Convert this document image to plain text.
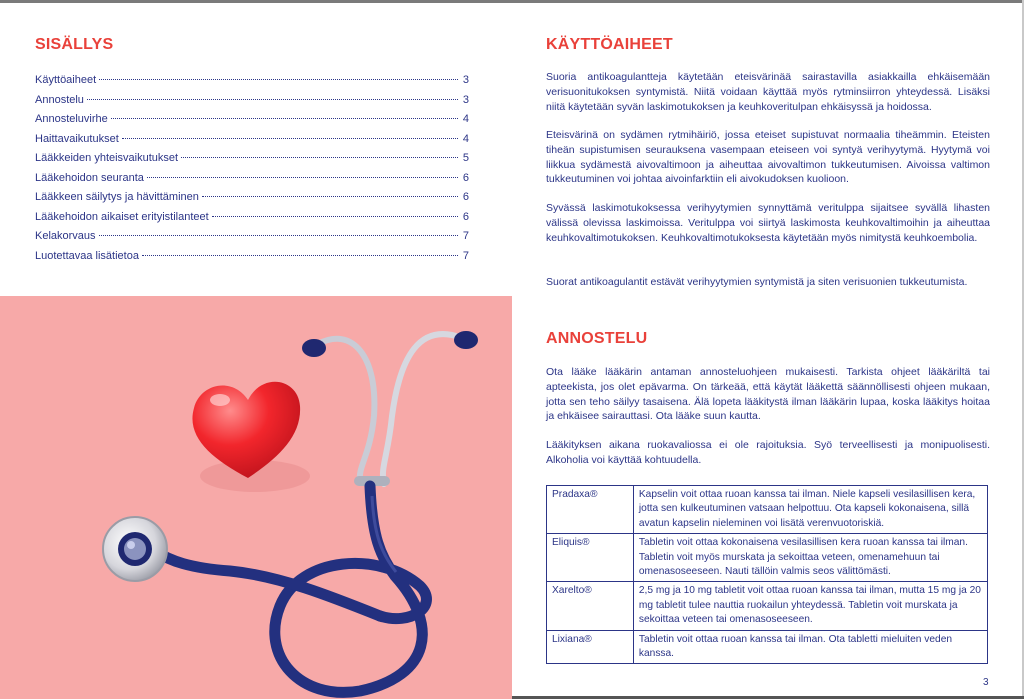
SISÄLLYS
Käyttöaiheet	3
Annostelu	3
Annosteluvirhe	4
Haittavaikutukset	4
Lääkkeiden yhteisvaikutukset	5
Lääkehoidon seuranta	6
Lääkkeen säilytys ja hävittäminen	6
Lääkehoidon aikaiset erityistilanteet	6
Kelakorvaus	7
Luotettavaa lisätietoa	7
KÄYTTÖAIHEET

Suoria antikoagulantteja käytetään eteisvärinää sairastavilla asiakkailla ehkäisemään verisuonitukoksen syntymistä. Niitä voidaan käyttää myös rytminsiirron yhteydessä. Lisäksi niitä käytetään syvän laskimotukoksen ja keuhkoveritulpan ehkäisyssä ja hoidossa.

Eteisvärinä on sydämen rytmihäiriö, jossa eteiset supistuvat normaalia tiheämmin. Eteisten tiheän supistumisen seurauksena vasempaan eteiseen voi syntyä verihyytymä. Hyytymä voi liikkua sydämestä aivovaltimoon ja aiheuttaa aivovaltimon tukkeutumisen. Aivoissa valtimon tukkeutuminen voi johtaa aivoinfarktiin eli aivokudoksen kuolioon.

Syvässä laskimotukoksessa verihyytymien synnyttämä veritulppa sijaitsee syvällä lihasten välissä olevissa laskimoissa. Veritulppa voi siirtyä laskimosta keuhkovaltimoihin ja aiheuttaa keuhkovaltimotukoksen. Keuhkovaltimotukoksesta käytetään myös nimitystä keuhkoembolia.

Suorat antikoagulantit estävät verihyytymien syntymistä ja siten verisuonien tukkeutumista.

ANNOSTELU

Ota lääke lääkärin antaman annosteluohjeen mukaisesti. Tarkista ohjeet lääkäriltä tai apteekista, jos olet epävarma. On tärkeää, että käytät lääkettä säännöllisesti ohjeen mukaan, jotta sen teho säilyy tasaisena. Älä lopeta lääkitystä ilman lääkärin lupaa, koska lääkitys hoitaa ja ehkäisee sairauttasi. Ota lääke suun kautta.

Lääkityksen aikana ruokavaliossa ei ole rajoituksia. Syö terveellisesti ja monipuolisesti. Alkoholia voi käyttää kohtuudella.

Pradaxa®	Kapselin voit ottaa ruoan kanssa tai ilman. Niele kapseli vesilasillisen kera, jotta sen kulkeutuminen vatsaan helpottuu. Ota kapseli kokonaisena, sillä avatun kapselin nieleminen voi lisätä verenvuotoriskiä.
Eliquis®	Tabletin voit ottaa kokonaisena vesilasillisen kera ruoan kanssa tai ilman. Tabletin voit myös murskata ja sekoittaa veteen, omenamehuun tai omenasoseeseen. Nauti tällöin valmis seos välittömästi.
Xarelto®	2,5 mg ja 10 mg tabletit voit ottaa ruoan kanssa tai ilman, mutta 15 mg ja 20 mg tabletit tulee nauttia ruokailun yhteydessä. Tabletin voit murskata ja sekoittaa veteen tai omenasoseeseen.
Lixiana®	Tabletin voit ottaa ruoan kanssa tai ilman. Ota tabletti mieluiten veden kanssa.
3
